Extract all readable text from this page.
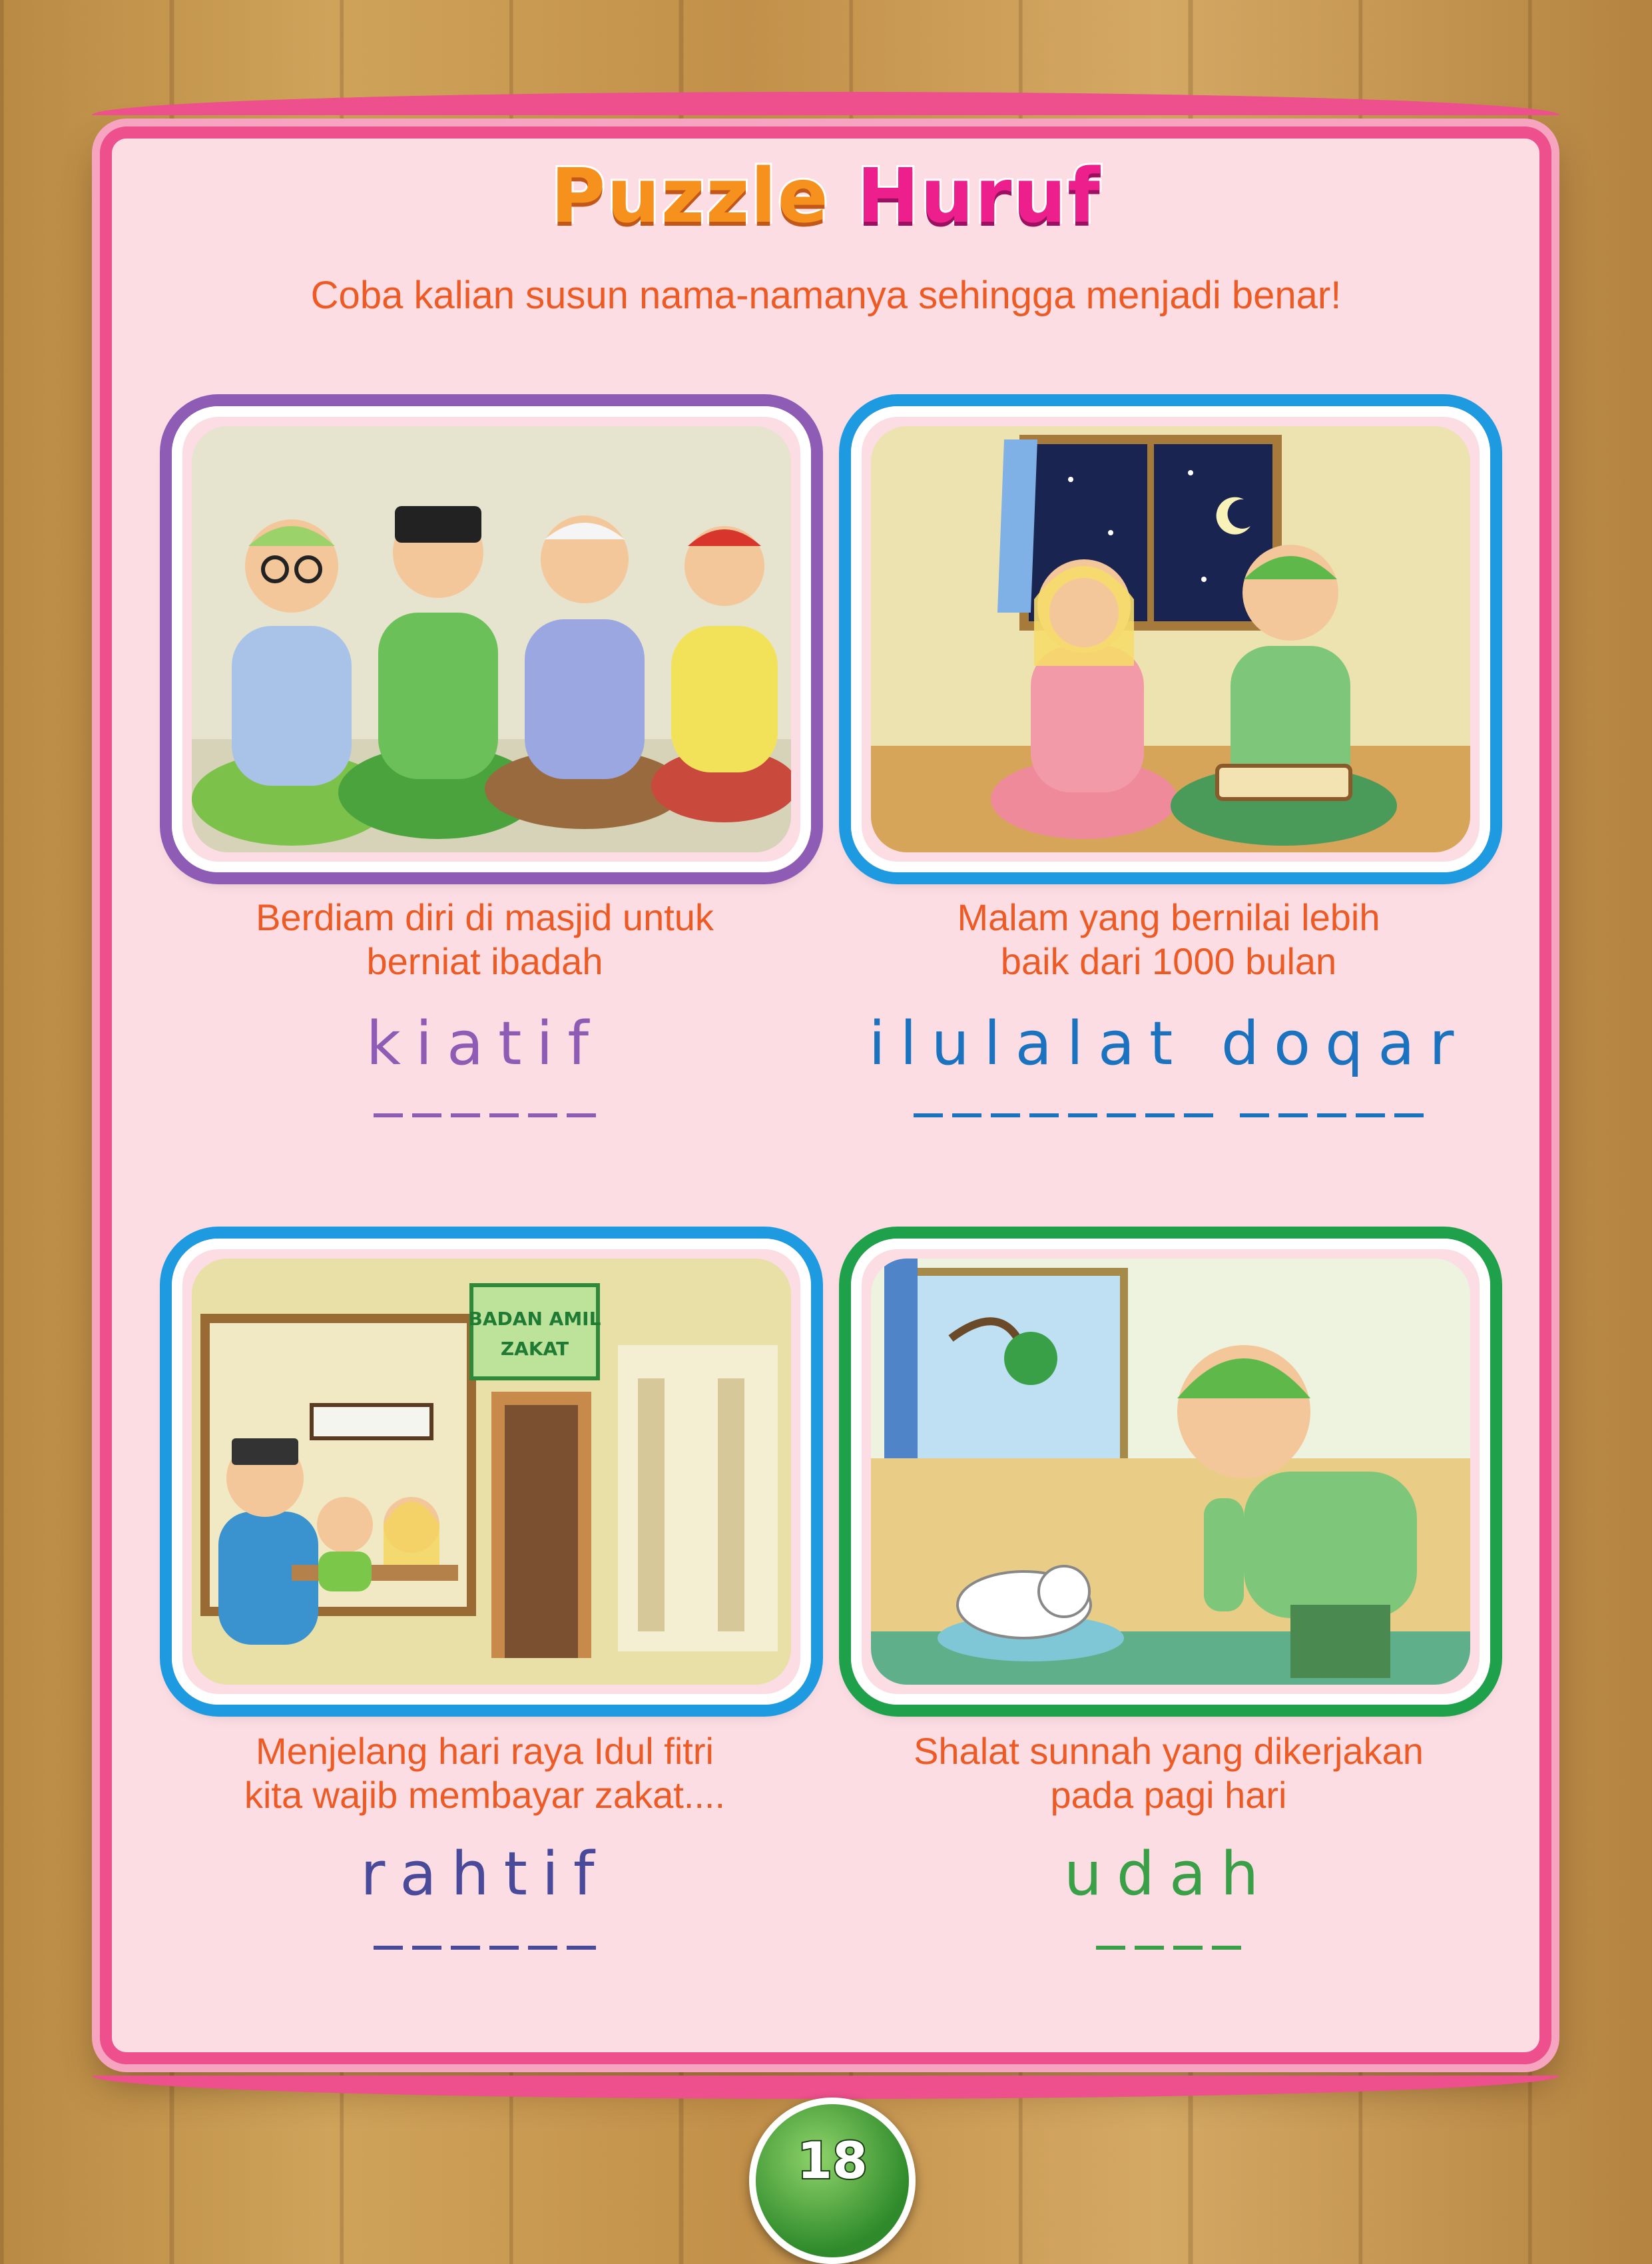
Puzzle Huruf
Coba kalian susun nama-namanya sehingga menjadi benar!
BADAN AMIL
ZAKAT
Berdiam diri di masjid untuk
berniat ibadah
Malam yang bernilai lebih
baik dari 1000 bulan
Menjelang hari raya Idul fitri
kita wajib membayar zakat....
Shalat sunnah yang dikerjakan
pada pagi hari
kiatif	ilulalat doqar
rahtif	udah
18
